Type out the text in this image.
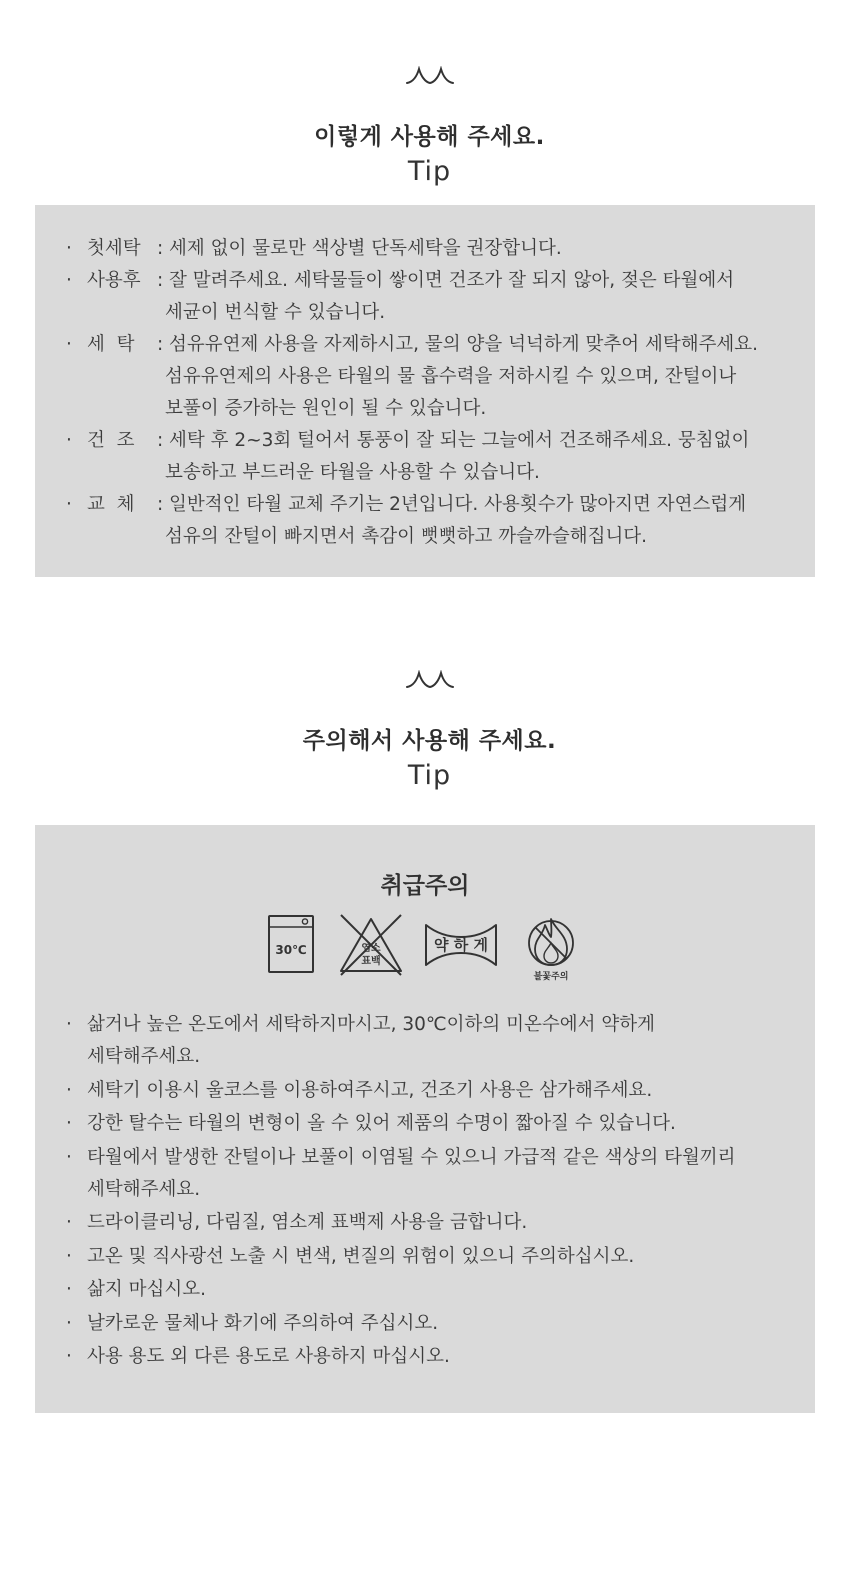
이렇게 사용해 주세요.
Tip
· 첫세탁 : 세제 없이 물로만 색상별 단독세탁을 권장합니다.
· 사용후 : 잘 말려주세요. 세탁물들이 쌓이면 건조가 잘 되지 않아, 젖은 타월에서
세균이 번식할 수 있습니다.
· 세  탁 : 섬유유연제 사용을 자제하시고, 물의 양을 넉넉하게 맞추어 세탁해주세요.
섬유유연제의 사용은 타월의 물 흡수력을 저하시킬 수 있으며, 잔털이나
보풀이 증가하는 원인이 될 수 있습니다.
· 건  조 : 세탁 후 2~3회 털어서 통풍이 잘 되는 그늘에서 건조해주세요. 뭉침없이
보송하고 부드러운 타월을 사용할 수 있습니다.
· 교  체 : 일반적인 타월 교체 주기는 2년입니다. 사용횟수가 많아지면 자연스럽게
섬유의 잔털이 빠지면서 촉감이 뻣뻣하고 까슬까슬해집니다.
주의해서 사용해 주세요.
Tip
취급주의
30℃	염소
표백
약 하 게
불꽃주의
· 삶거나 높은 온도에서 세탁하지마시고, 30℃이하의 미온수에서 약하게
세탁해주세요.
· 세탁기 이용시 울코스를 이용하여주시고, 건조기 사용은 삼가해주세요.
· 강한 탈수는 타월의 변형이 올 수 있어 제품의 수명이 짧아질 수 있습니다.
· 타월에서 발생한 잔털이나 보풀이 이염될 수 있으니 가급적 같은 색상의 타월끼리
세탁해주세요.
· 드라이클리닝, 다림질, 염소계 표백제 사용을 금합니다.
· 고온 및 직사광선 노출 시 변색, 변질의 위험이 있으니 주의하십시오.
· 삶지 마십시오.
· 날카로운 물체나 화기에 주의하여 주십시오.
· 사용 용도 외 다른 용도로 사용하지 마십시오.
